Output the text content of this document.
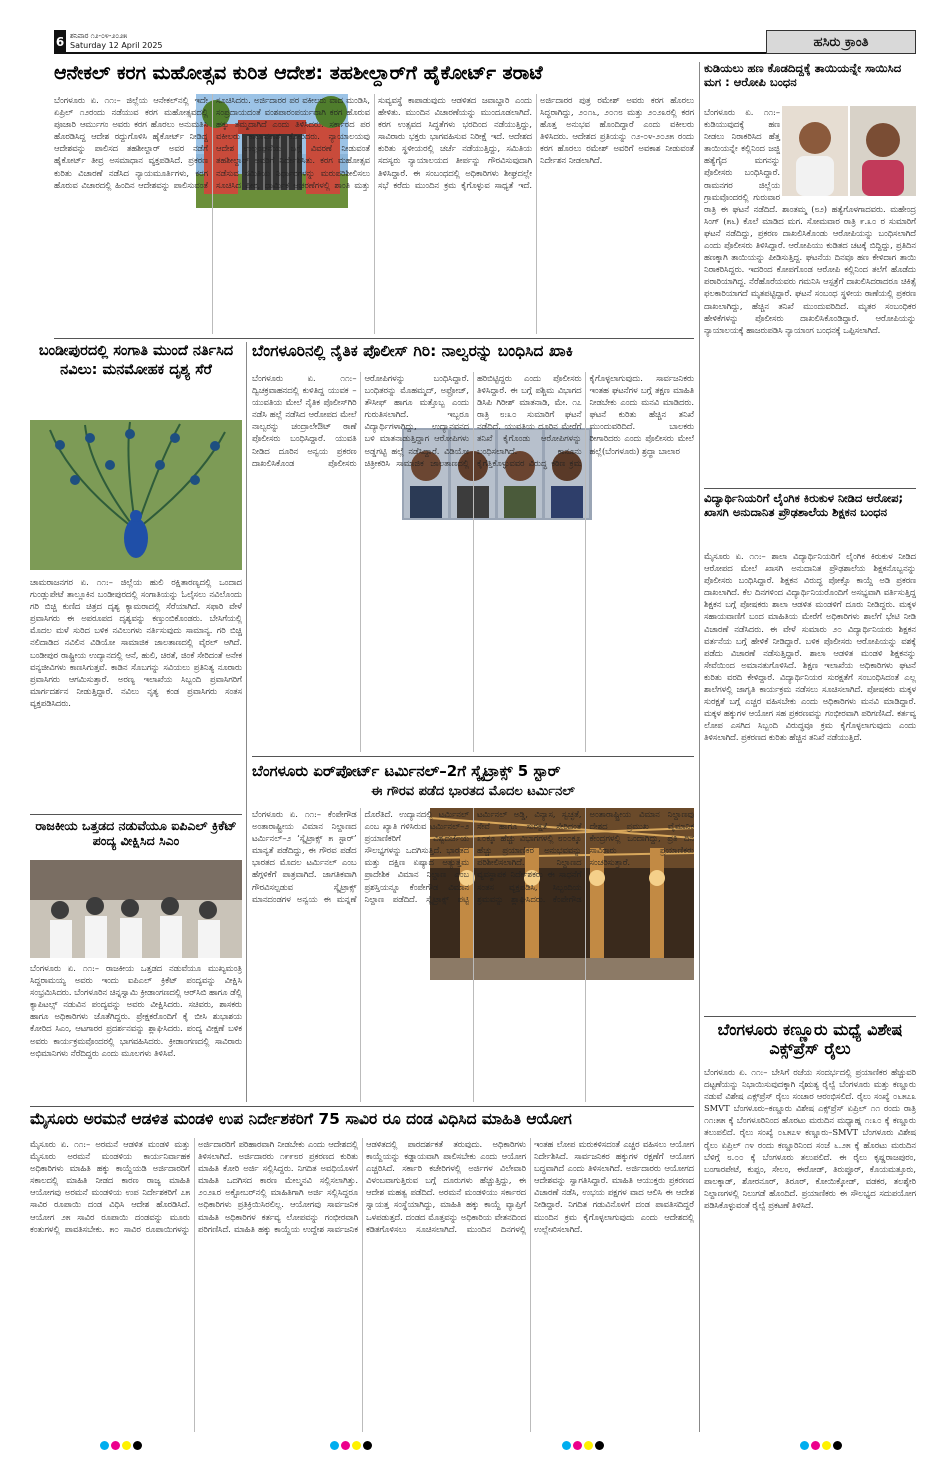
6 ಶನಿವಾರ ೧೨-೦೪-೨೦೨೫
Saturday 12 April 2025	ಹಸಿರು ಕ್ರಾಂತಿ
ಆನೇಕಲ್ ಕರಗ ಮಹೋತ್ಸವ ಕುರಿತ ಆದೇಶ: ತಹಶೀಲ್ದಾರ್‌ಗೆ ಹೈಕೋರ್ಟ್ ತರಾಟೆ
ಬೆಂಗಳೂರು ಏ. ೧೧:– ಜಿಲ್ಲೆಯ ಆನೇಕಲ್‌ನಲ್ಲಿ ಇದೇ ಏಪ್ರಿಲ್ ೧೨ರಂದು ನಡೆಯುವ ಕರಗ ಮಹೋತ್ಸವದಲ್ಲಿ ಪೂಜಾರಿ ಆರ್ಮುಗಂ ಅವರು ಕರಗ ಹೊರಲು ಅನುಮತಿಸಿ ಹೊರಡಿಸಿದ್ದ ಆದೇಶ ರದ್ದುಗೊಳಿಸಿ ಹೈಕೋರ್ಟ್ ನೀಡಿದ್ದ ಆದೇಶವನ್ನು ಪಾಲಿಸದ ತಹಶೀಲ್ದಾರ್ ಅವರ ನಡೆಗೆ ಹೈಕೋರ್ಟ್ ತೀವ್ರ ಅಸಮಾಧಾನ ವ್ಯಕ್ತಪಡಿಸಿದೆ. ಪ್ರಕರಣ ಕುರಿತು ವಿಚಾರಣೆ ನಡೆಸಿದ ನ್ಯಾಯಮೂರ್ತಿಗಳು, ಕರಗ ಹೊರುವ ವಿಚಾರದಲ್ಲಿ ಹಿಂದಿನ ಆದೇಶವನ್ನು ಪಾಲಿಸುವಂತೆ ಸೂಚಿಸಿದರು. ಅರ್ಜಿದಾರರ ಪರ ವಕೀಲರು ವಾದ ಮಂಡಿಸಿ, ಸಂಪ್ರದಾಯದಂತೆ ವಂಶಪಾರಂಪರ್ಯವಾಗಿ ಕರಗ ಹೊರುವ ಹಕ್ಕು ತಮ್ಮದಾಗಿದೆ ಎಂದು ತಿಳಿಸಿದರು. ಸರ್ಕಾರದ ಪರ ವಕೀಲರು ಕಾಲಾವಕಾಶ ಕೋರಿದರು. ನ್ಯಾಯಾಲಯವು ಆದೇಶ ಉಲ್ಲಂಘನೆಯ ಬಗ್ಗೆ ವಿವರಣೆ ನೀಡುವಂತೆ ತಹಶೀಲ್ದಾರ್ ಅವರಿಗೆ ನಿರ್ದೇಶಿಸಿತು. ಕರಗ ಮಹೋತ್ಸವ ನಡೆಸುವ ಸಮಿತಿಯ ನಿರ್ಧಾರಗಳನ್ನು ಮರುಪರಿಶೀಲಿಸಲು ಸೂಚಿಸಿದ ಪೀಠ, ಧಾರ್ಮಿಕ ಆಚರಣೆಗಳಲ್ಲಿ ಶಾಂತಿ ಮತ್ತು ಸುವ್ಯವಸ್ಥೆ ಕಾಪಾಡುವುದು ಆಡಳಿತದ ಜವಾಬ್ದಾರಿ ಎಂದು ಹೇಳಿತು. ಮುಂದಿನ ವಿಚಾರಣೆಯನ್ನು ಮುಂದೂಡಲಾಗಿದೆ. ಕರಗ ಉತ್ಸವದ ಸಿದ್ಧತೆಗಳು ಭರದಿಂದ ನಡೆಯುತ್ತಿದ್ದು, ಸಾವಿರಾರು ಭಕ್ತರು ಭಾಗವಹಿಸುವ ನಿರೀಕ್ಷೆ ಇದೆ. ಆದೇಶದ ಕುರಿತು ಸ್ಥಳೀಯರಲ್ಲಿ ಚರ್ಚೆ ನಡೆಯುತ್ತಿದ್ದು, ಸಮಿತಿಯ ಸದಸ್ಯರು ನ್ಯಾಯಾಲಯದ ತೀರ್ಪನ್ನು ಗೌರವಿಸುವುದಾಗಿ ತಿಳಿಸಿದ್ದಾರೆ. ಈ ಸಂಬಂಧದಲ್ಲಿ ಅಧಿಕಾರಿಗಳು ಶೀಘ್ರದಲ್ಲೇ ಸಭೆ ಕರೆದು ಮುಂದಿನ ಕ್ರಮ ಕೈಗೊಳ್ಳುವ ಸಾಧ್ಯತೆ ಇದೆ. ಅರ್ಜಿದಾರರ ಪುತ್ರ ರಮೇಶ್ ಅವರು ಕರಗ ಹೊರಲು ಸಿದ್ಧರಾಗಿದ್ದು, ೨೦೧೬, ೨೦೧೮ ಮತ್ತು ೨೦೨೩ರಲ್ಲಿ ಕರಗ ಹೊತ್ತ ಅನುಭವ ಹೊಂದಿದ್ದಾರೆ ಎಂದು ವಕೀಲರು ತಿಳಿಸಿದರು. ಆದೇಶದ ಪ್ರತಿಯನ್ನು ೧೨-೦೪-೨೦೨೫ ರಂದು ಕರಗ ಹೊರಲು ರಮೇಶ್ ಅವರಿಗೆ ಅವಕಾಶ ನೀಡುವಂತೆ ನಿರ್ದೇಶನ ನೀಡಲಾಗಿದೆ.
ಕುಡಿಯಲು ಹಣ ಕೊಡದಿದ್ದಕ್ಕೆ ತಾಯಿಯನ್ನೇ ಸಾಯಿಸಿದ ಮಗ : ಆರೋಪಿ ಬಂಧನ
ಬೆಂಗಳೂರು ಏ. ೧೧:– ಕುಡಿಯುವುದಕ್ಕೆ ಹಣ ನೀಡಲು ನಿರಾಕರಿಸಿದ ಹೆತ್ತ ತಾಯಿಯನ್ನೇ ಕಲ್ಲಿನಿಂದ ಜಜ್ಜಿ ಹತ್ಯೆಗೈದ ಮಗನನ್ನು ಪೊಲೀಸರು ಬಂಧಿಸಿದ್ದಾರೆ. ರಾಮನಗರ ಜಿಲ್ಲೆಯ ಗ್ರಾಮವೊಂದರಲ್ಲಿ ಗುರುವಾರ ರಾತ್ರಿ ಈ ಘಟನೆ ನಡೆದಿದೆ. ಶಾಂತಮ್ಮ (೮೨) ಹತ್ಯೆಗೊಳಗಾದವರು. ಮಹೇಂದ್ರ ಸಿಂಗ್ (೫೬) ಕೊಲೆ ಮಾಡಿದ ಮಗ. ಸೋಮವಾರ ರಾತ್ರಿ ೯.೩೦ ರ ಸುಮಾರಿಗೆ ಘಟನೆ ನಡೆದಿದ್ದು, ಪ್ರಕರಣ ದಾಖಲಿಸಿಕೊಂಡು ಆರೋಪಿಯನ್ನು ಬಂಧಿಸಲಾಗಿದೆ ಎಂದು ಪೊಲೀಸರು ತಿಳಿಸಿದ್ದಾರೆ. ಆರೋಪಿಯು ಕುಡಿತದ ಚಟಕ್ಕೆ ಬಿದ್ದಿದ್ದು, ಪ್ರತಿದಿನ ಹಣಕ್ಕಾಗಿ ತಾಯಿಯನ್ನು ಪೀಡಿಸುತ್ತಿದ್ದ. ಘಟನೆಯ ದಿನವೂ ಹಣ ಕೇಳಿದಾಗ ತಾಯಿ ನಿರಾಕರಿಸಿದ್ದರು. ಇದರಿಂದ ಕೋಪಗೊಂಡ ಆರೋಪಿ ಕಲ್ಲಿನಿಂದ ತಲೆಗೆ ಹೊಡೆದು ಪರಾರಿಯಾಗಿದ್ದ. ನೆರೆಹೊರೆಯವರು ಗಮನಿಸಿ ಆಸ್ಪತ್ರೆಗೆ ದಾಖಲಿಸಿದರಾದರೂ ಚಿಕಿತ್ಸೆ ಫಲಕಾರಿಯಾಗದೆ ಮೃತಪಟ್ಟಿದ್ದಾರೆ. ಘಟನೆ ಸಂಬಂಧ ಸ್ಥಳೀಯ ಠಾಣೆಯಲ್ಲಿ ಪ್ರಕರಣ ದಾಖಲಾಗಿದ್ದು, ಹೆಚ್ಚಿನ ತನಿಖೆ ಮುಂದುವರಿದಿದೆ. ಮೃತರ ಸಂಬಂಧಿಕರ ಹೇಳಿಕೆಗಳನ್ನು ಪೊಲೀಸರು ದಾಖಲಿಸಿಕೊಂಡಿದ್ದಾರೆ. ಆರೋಪಿಯನ್ನು ನ್ಯಾಯಾಲಯಕ್ಕೆ ಹಾಜರುಪಡಿಸಿ ನ್ಯಾಯಾಂಗ ಬಂಧನಕ್ಕೆ ಒಪ್ಪಿಸಲಾಗಿದೆ.
ವಿದ್ಯಾರ್ಥಿನಿಯರಿಗೆ ಲೈಂಗಿಕ ಕಿರುಕುಳ ನೀಡಿದ ಆರೋಪ; ಖಾಸಗಿ ಅನುದಾನಿತ ಪ್ರೌಢಶಾಲೆಯ ಶಿಕ್ಷಕನ ಬಂಧನ
ಮೈಸೂರು ಏ. ೧೧:– ಶಾಲಾ ವಿದ್ಯಾರ್ಥಿನಿಯರಿಗೆ ಲೈಂಗಿಕ ಕಿರುಕುಳ ನೀಡಿದ ಆರೋಪದ ಮೇಲೆ ಖಾಸಗಿ ಅನುದಾನಿತ ಪ್ರೌಢಶಾಲೆಯ ಶಿಕ್ಷಕನೊಬ್ಬನನ್ನು ಪೊಲೀಸರು ಬಂಧಿಸಿದ್ದಾರೆ. ಶಿಕ್ಷಕನ ವಿರುದ್ಧ ಪೋಕ್ಸೊ ಕಾಯ್ದೆ ಅಡಿ ಪ್ರಕರಣ ದಾಖಲಾಗಿದೆ. ಕೆಲ ದಿನಗಳಿಂದ ವಿದ್ಯಾರ್ಥಿನಿಯರೊಂದಿಗೆ ಅಸಭ್ಯವಾಗಿ ವರ್ತಿಸುತ್ತಿದ್ದ ಶಿಕ್ಷಕನ ಬಗ್ಗೆ ಪೋಷಕರು ಶಾಲಾ ಆಡಳಿತ ಮಂಡಳಿಗೆ ದೂರು ನೀಡಿದ್ದರು. ಮಕ್ಕಳ ಸಹಾಯವಾಣಿಗೆ ಬಂದ ಮಾಹಿತಿಯ ಮೇರೆಗೆ ಅಧಿಕಾರಿಗಳು ಶಾಲೆಗೆ ಭೇಟಿ ನೀಡಿ ವಿಚಾರಣೆ ನಡೆಸಿದರು. ಈ ವೇಳೆ ಸುಮಾರು ೨೦ ವಿದ್ಯಾರ್ಥಿನಿಯರು ಶಿಕ್ಷಕನ ವರ್ತನೆಯ ಬಗ್ಗೆ ಹೇಳಿಕೆ ನೀಡಿದ್ದಾರೆ. ಬಳಿಕ ಪೊಲೀಸರು ಆರೋಪಿಯನ್ನು ವಶಕ್ಕೆ ಪಡೆದು ವಿಚಾರಣೆ ನಡೆಸುತ್ತಿದ್ದಾರೆ. ಶಾಲಾ ಆಡಳಿತ ಮಂಡಳಿ ಶಿಕ್ಷಕನನ್ನು ಸೇವೆಯಿಂದ ಅಮಾನತುಗೊಳಿಸಿದೆ. ಶಿಕ್ಷಣ ಇಲಾಖೆಯ ಅಧಿಕಾರಿಗಳು ಘಟನೆ ಕುರಿತು ವರದಿ ಕೇಳಿದ್ದಾರೆ. ವಿದ್ಯಾರ್ಥಿನಿಯರ ಸುರಕ್ಷತೆಗೆ ಸಂಬಂಧಿಸಿದಂತೆ ಎಲ್ಲ ಶಾಲೆಗಳಲ್ಲಿ ಜಾಗೃತಿ ಕಾರ್ಯಕ್ರಮ ನಡೆಸಲು ಸೂಚಿಸಲಾಗಿದೆ. ಪೋಷಕರು ಮಕ್ಕಳ ಸುರಕ್ಷತೆ ಬಗ್ಗೆ ಎಚ್ಚರ ವಹಿಸಬೇಕು ಎಂದು ಅಧಿಕಾರಿಗಳು ಮನವಿ ಮಾಡಿದ್ದಾರೆ. ಮಕ್ಕಳ ಹಕ್ಕುಗಳ ಆಯೋಗ ಸಹ ಪ್ರಕರಣವನ್ನು ಗಂಭೀರವಾಗಿ ಪರಿಗಣಿಸಿದೆ. ಕರ್ತವ್ಯ ಲೋಪ ಎಸಗಿದ ಸಿಬ್ಬಂದಿ ವಿರುದ್ಧವೂ ಕ್ರಮ ಕೈಗೊಳ್ಳಲಾಗುವುದು ಎಂದು ತಿಳಿಸಲಾಗಿದೆ. ಪ್ರಕರಣದ ಕುರಿತು ಹೆಚ್ಚಿನ ತನಿಖೆ ನಡೆಯುತ್ತಿದೆ.
ಬೆಂಗಳೂರು ಕಣ್ಣೂರು ಮಧ್ಯೆ ವಿಶೇಷ ಎಕ್ಸ್‌ಪ್ರೆಸ್ ರೈಲು
ಬೆಂಗಳೂರು ಏ. ೧೧:– ಬೇಸಿಗೆ ರಜೆಯ ಸಂದರ್ಭದಲ್ಲಿ ಪ್ರಯಾಣಿಕರ ಹೆಚ್ಚುವರಿ ದಟ್ಟಣೆಯನ್ನು ನಿಭಾಯಿಸುವುದಕ್ಕಾಗಿ ನೈಋತ್ಯ ರೈಲ್ವೆ ಬೆಂಗಳೂರು ಮತ್ತು ಕಣ್ಣೂರು ನಡುವೆ ವಿಶೇಷ ಎಕ್ಸ್‌ಪ್ರೆಸ್ ರೈಲು ಸಂಚಾರ ಆರಂಭಿಸಲಿದೆ. ರೈಲು ಸಂಖ್ಯೆ ೦೬೫೭೩ SMVT ಬೆಂಗಳೂರು–ಕಣ್ಣೂರು ವಿಶೇಷ ಎಕ್ಸ್‌ಪ್ರೆಸ್ ಏಪ್ರಿಲ್ ೧೧ ರಂದು ರಾತ್ರಿ ೧೧:೫೫ ಕ್ಕೆ ಬೆಂಗಳೂರಿನಿಂದ ಹೊರಟು ಮರುದಿನ ಮಧ್ಯಾಹ್ನ ೧:೩೦ ಕ್ಕೆ ಕಣ್ಣೂರು ತಲುಪಲಿದೆ. ರೈಲು ಸಂಖ್ಯೆ ೦೬೫೭೪ ಕಣ್ಣೂರು–SMVT ಬೆಂಗಳೂರು ವಿಶೇಷ ರೈಲು ಏಪ್ರಿಲ್ ೧೪ ರಂದು ಕಣ್ಣೂರಿನಿಂದ ಸಂಜೆ ೬.೨೫ ಕ್ಕೆ ಹೊರಟು ಮರುದಿನ ಬೆಳಿಗ್ಗೆ ೮.೦೦ ಕ್ಕೆ ಬೆಂಗಳೂರು ತಲುಪಲಿದೆ. ಈ ರೈಲು ಕೃಷ್ಣರಾಜಪುರಂ, ಬಂಗಾರಪೇಟೆ, ಕುಪ್ಪಂ, ಸೇಲಂ, ಈರೋಡ್, ತಿರುಪ್ಪೂರ್, ಕೊಯಮತ್ತೂರು, ಪಾಲಕ್ಕಾಡ್, ಶೋರನೂರ್, ತಿರೂರ್, ಕೋಯಿಕ್ಕೋಡ್, ವಡಕರ, ತಲಶ್ಶೇರಿ ನಿಲ್ದಾಣಗಳಲ್ಲಿ ನಿಲುಗಡೆ ಹೊಂದಿದೆ. ಪ್ರಯಾಣಿಕರು ಈ ಸೌಲಭ್ಯದ ಸದುಪಯೋಗ ಪಡಿಸಿಕೊಳ್ಳುವಂತೆ ರೈಲ್ವೆ ಪ್ರಕಟಣೆ ತಿಳಿಸಿದೆ.
ಬಂಡೀಪುರದಲ್ಲಿ ಸಂಗಾತಿ ಮುಂದೆ ನರ್ತಿಸಿದ ನವಿಲು: ಮನಮೋಹಕ ದೃಶ್ಯ ಸೆರೆ
ಚಾಮರಾಜನಗರ ಏ. ೧೧:– ಜಿಲ್ಲೆಯ ಹುಲಿ ರಕ್ಷಿತಾರಣ್ಯದಲ್ಲಿ ಒಂದಾದ ಗುಂಡ್ಲುಪೇಟೆ ತಾಲ್ಲೂಕಿನ ಬಂಡೀಪುರದಲ್ಲಿ ಸಂಗಾತಿಯನ್ನು ಓಲೈಸಲು ನವಿಲೊಂದು ಗರಿ ಬಿಚ್ಚಿ ಕುಣಿದ ಚಿತ್ರದ ದೃಶ್ಯ ಕ್ಯಾಮರಾದಲ್ಲಿ ಸೆರೆಯಾಗಿದೆ. ಸಫಾರಿ ವೇಳೆ ಪ್ರವಾಸಿಗರು ಈ ಅಪರೂಪದ ದೃಶ್ಯವನ್ನು ಕಣ್ತುಂಬಿಕೊಂಡರು. ಬೇಸಿಗೆಯಲ್ಲಿ ಮೊದಲ ಮಳೆ ಸುರಿದ ಬಳಿಕ ನವಿಲುಗಳು ನರ್ತಿಸುವುದು ಸಾಮಾನ್ಯ. ಗರಿ ಬಿಚ್ಚಿ ನಲಿದಾಡಿದ ನವಿಲಿನ ವಿಡಿಯೋ ಸಾಮಾಜಿಕ ಜಾಲತಾಣದಲ್ಲಿ ವೈರಲ್ ಆಗಿದೆ. ಬಂಡೀಪುರ ರಾಷ್ಟ್ರೀಯ ಉದ್ಯಾನದಲ್ಲಿ ಆನೆ, ಹುಲಿ, ಚಿರತೆ, ಜಿಂಕೆ ಸೇರಿದಂತೆ ಅನೇಕ ವನ್ಯಜೀವಿಗಳು ಕಾಣಸಿಗುತ್ತವೆ. ಕಾಡಿನ ಸೊಬಗನ್ನು ಸವಿಯಲು ಪ್ರತಿನಿತ್ಯ ನೂರಾರು ಪ್ರವಾಸಿಗರು ಆಗಮಿಸುತ್ತಾರೆ. ಅರಣ್ಯ ಇಲಾಖೆಯ ಸಿಬ್ಬಂದಿ ಪ್ರವಾಸಿಗರಿಗೆ ಮಾರ್ಗದರ್ಶನ ನೀಡುತ್ತಿದ್ದಾರೆ. ನವಿಲು ನೃತ್ಯ ಕಂಡ ಪ್ರವಾಸಿಗರು ಸಂತಸ ವ್ಯಕ್ತಪಡಿಸಿದರು.
ರಾಜಕೀಯ ಒತ್ತಡದ ನಡುವೆಯೂ ಐಪಿಎಲ್ ಕ್ರಿಕೆಟ್ ಪಂದ್ಯ ವೀಕ್ಷಿಸಿದ ಸಿಎಂ
ಬೆಂಗಳೂರು ಏ. ೧೧:– ರಾಜಕೀಯ ಒತ್ತಡದ ನಡುವೆಯೂ ಮುಖ್ಯಮಂತ್ರಿ ಸಿದ್ದರಾಮಯ್ಯ ಅವರು ಇಂದು ಐಪಿಎಲ್ ಕ್ರಿಕೆಟ್ ಪಂದ್ಯವನ್ನು ವೀಕ್ಷಿಸಿ ಸಂಭ್ರಮಿಸಿದರು. ಬೆಂಗಳೂರಿನ ಚಿನ್ನಸ್ವಾಮಿ ಕ್ರೀಡಾಂಗಣದಲ್ಲಿ ಆರ್‌ಸಿಬಿ ಹಾಗೂ ಡೆಲ್ಲಿ ಕ್ಯಾಪಿಟಲ್ಸ್ ನಡುವಿನ ಪಂದ್ಯವನ್ನು ಅವರು ವೀಕ್ಷಿಸಿದರು. ಸಚಿವರು, ಶಾಸಕರು ಹಾಗೂ ಅಧಿಕಾರಿಗಳು ಜೊತೆಗಿದ್ದರು. ಪ್ರೇಕ್ಷಕರೊಂದಿಗೆ ಕೈ ಬೀಸಿ ಶುಭಾಶಯ ಕೋರಿದ ಸಿಎಂ, ಆಟಗಾರರ ಪ್ರದರ್ಶನವನ್ನು ಶ್ಲಾಘಿಸಿದರು. ಪಂದ್ಯ ವೀಕ್ಷಣೆ ಬಳಿಕ ಅವರು ಕಾರ್ಯಕ್ರಮವೊಂದರಲ್ಲಿ ಭಾಗವಹಿಸಿದರು. ಕ್ರೀಡಾಂಗಣದಲ್ಲಿ ಸಾವಿರಾರು ಅಭಿಮಾನಿಗಳು ನೆರೆದಿದ್ದರು ಎಂದು ಮೂಲಗಳು ತಿಳಿಸಿವೆ.
ಬೆಂಗಳೂರಿನಲ್ಲಿ ನೈತಿಕ ಪೊಲೀಸ್ ಗಿರಿ: ನಾಲ್ವರನ್ನು ಬಂಧಿಸಿದ ಖಾಕಿ
ಬೆಂಗಳೂರು ಏ. ೧೧:– ದ್ವಿಚಕ್ರವಾಹನದಲ್ಲಿ ಕುಳಿತಿದ್ದ ಯುವಕ – ಯುವತಿಯ ಮೇಲೆ ನೈತಿಕ ಪೊಲೀಸ್‌ಗಿರಿ ನಡೆಸಿ ಹಲ್ಲೆ ನಡೆಸಿದ ಆರೋಪದ ಮೇಲೆ ನಾಲ್ವರನ್ನು ಚಂದ್ರಾಲೇಔಟ್ ಠಾಣೆ ಪೊಲೀಸರು ಬಂಧಿಸಿದ್ದಾರೆ. ಯುವತಿ ನೀಡಿದ ದೂರಿನ ಅನ್ವಯ ಪ್ರಕರಣ ದಾಖಲಿಸಿಕೊಂಡ ಪೊಲೀಸರು ಆರೋಪಿಗಳನ್ನು ಬಂಧಿಸಿದ್ದಾರೆ. ಬಂಧಿತರನ್ನು ಮೊಹಮ್ಮದ್, ಅಫ್ರೋಜ್, ತೌಸೀಫ್ ಹಾಗೂ ಮತ್ತೊಬ್ಬ ಎಂದು ಗುರುತಿಸಲಾಗಿದೆ. ಇಬ್ಬರೂ ವಿದ್ಯಾರ್ಥಿಗಳಾಗಿದ್ದು, ಉದ್ಯಾನವನದ ಬಳಿ ಮಾತನಾಡುತ್ತಿದ್ದಾಗ ಆರೋಪಿಗಳು ಅಡ್ಡಗಟ್ಟಿ ಹಲ್ಲೆ ನಡೆಸಿದ್ದಾರೆ. ವಿಡಿಯೋ ಚಿತ್ರೀಕರಿಸಿ ಸಾಮಾಜಿಕ ಜಾಲತಾಣದಲ್ಲಿ ಹರಿಬಿಟ್ಟಿದ್ದರು ಎಂದು ಪೊಲೀಸರು ತಿಳಿಸಿದ್ದಾರೆ. ಈ ಬಗ್ಗೆ ಪಶ್ಚಿಮ ವಿಭಾಗದ ಡಿಸಿಪಿ ಗಿರೀಶ್ ಮಾತನಾಡಿ, ಮೇ. ೧೭ ರಾತ್ರಿ ೮:೩೦ ಸುಮಾರಿಗೆ ಘಟನೆ ನಡೆದಿದೆ. ಯುವತಿಯ ದೂರಿನ ಮೇರೆಗೆ ತನಿಖೆ ಕೈಗೊಂಡು ಆರೋಪಿಗಳನ್ನು ಬಂಧಿಸಲಾಗಿದೆ. ಕಾನೂನು ಕೈಗೆತ್ತಿಕೊಳ್ಳುವವರ ವಿರುದ್ಧ ಕಠಿಣ ಕ್ರಮ ಕೈಗೊಳ್ಳಲಾಗುವುದು. ಸಾರ್ವಜನಿಕರು ಇಂತಹ ಘಟನೆಗಳ ಬಗ್ಗೆ ತಕ್ಷಣ ಮಾಹಿತಿ ನೀಡಬೇಕು ಎಂದು ಮನವಿ ಮಾಡಿದರು. ಘಟನೆ ಕುರಿತು ಹೆಚ್ಚಿನ ತನಿಖೆ ಮುಂದುವರಿದಿದೆ. ಬಾಲಕರು ರೀಗಾರಿದರು ಎಂದು ಪೊಲೀಸರು ಮೇಲೆ ಹಲ್ಲೆ(ಬೆಂಗಳೂರು) ಶ್ರದ್ಧಾ ಬಾಲಾರ
ಬೆಂಗಳೂರು ಏರ್‌ಪೋರ್ಟ್ ಟರ್ಮಿನಲ್–2ಗೆ ಸ್ಕೈಟ್ರಾಕ್ಸ್ 5 ಸ್ಟಾರ್
ಈ ಗೌರವ ಪಡೆದ ಭಾರತದ ಮೊದಲ ಟರ್ಮಿನಲ್
ಬೆಂಗಳೂರು ಏ. ೧೧:– ಕೆಂಪೇಗೌಡ ಅಂತಾರಾಷ್ಟ್ರೀಯ ವಿಮಾನ ನಿಲ್ದಾಣದ ಟರ್ಮಿನಲ್–೨ ‘ಸ್ಕೈಟ್ರಾಕ್ಸ್ ೫ ಸ್ಟಾರ್’ ಮಾನ್ಯತೆ ಪಡೆದಿದ್ದು, ಈ ಗೌರವ ಪಡೆದ ಭಾರತದ ಮೊದಲ ಟರ್ಮಿನಲ್ ಎಂಬ ಹೆಗ್ಗಳಿಕೆಗೆ ಪಾತ್ರವಾಗಿದೆ. ಜಾಗತಿಕವಾಗಿ ಗೌರವಿಸಲ್ಪಡುವ ಸ್ಕೈಟ್ರಾಕ್ಸ್ ಮಾನದಂಡಗಳ ಅನ್ವಯ ಈ ಮನ್ನಣೆ ದೊರೆತಿದೆ. ಉದ್ಯಾನದಲ್ಲಿ ಟರ್ಮಿನಲ್ ಎಂಬ ಖ್ಯಾತಿ ಗಳಿಸಿರುವ ಟರ್ಮಿನಲ್–೨ ಪ್ರಯಾಣಿಕರಿಗೆ ವಿಶ್ವದರ್ಜೆಯ ಸೌಲಭ್ಯಗಳನ್ನು ಒದಗಿಸುತ್ತಿದೆ. ಭಾರತದ ಮತ್ತು ದಕ್ಷಿಣ ಏಷ್ಯಾದ ಅತ್ಯುತ್ತಮ ಪ್ರಾದೇಶಿಕ ವಿಮಾನ ನಿಲ್ದಾಣ ಎಂಬ ಪ್ರಶಸ್ತಿಯನ್ನೂ ಕೆಂಪೇಗೌಡ ವಿಮಾನ ನಿಲ್ದಾಣ ಪಡೆದಿದೆ. ಸ್ಕೈಟ್ರಾಕ್ಸ್ ಪಟ್ಟಿ ಟರ್ಮಿನಲ್ ಅಡ್ಡಿ, ವಿನ್ಯಾಸ, ಸ್ವಚ್ಛತೆ, ಸೇವೆ ಹಾಗೂ ಸುರಕ್ಷತೆ ಸೇರಿದಂತೆ ೩೦ಕ್ಕೂ ಹೆಚ್ಚು ವಿಭಾಗಗಳಲ್ಲಿ ೮೦೦ಕ್ಕೂ ಹೆಚ್ಚು ಪ್ರಯಾಣಿಕರ ಅನುಭವವನ್ನು ಪರಿಶೀಲಿಸಲಾಗಿದೆ. ನಿಲ್ದಾಣದ ವ್ಯವಸ್ಥಾಪಕ ನಿರ್ದೇಶಕರು ಈ ಸಾಧನೆಗೆ ಸಂತಸ ವ್ಯಕ್ತಪಡಿಸಿ, ಸಿಬ್ಬಂದಿಯ ಶ್ರಮವನ್ನು ಶ್ಲಾಘಿಸಿದರು. ಕೆಂಪೇಗೌಡ ಅಂತಾರಾಷ್ಟ್ರೀಯ ವಿಮಾನ ನಿಲ್ದಾಣವು ದೇಶದ ಪ್ರಮುಖ ವೈಮಾನಿಕ ಕೇಂದ್ರಗಳಲ್ಲಿ ಒಂದಾಗಿದ್ದು, ಪ್ರತಿ ದಿನ ಸಾವಿರಾರು ಪ್ರಯಾಣಿಕರು ಸಂಚರಿಸುತ್ತಾರೆ.
ಮೈಸೂರು ಅರಮನೆ ಆಡಳಿತ ಮಂಡಳಿ ಉಪ ನಿರ್ದೇಶಕರಿಗೆ 75 ಸಾವಿರ ರೂ ದಂಡ ವಿಧಿಸಿದ ಮಾಹಿತಿ ಆಯೋಗ
ಮೈಸೂರು ಏ. ೧೧:– ಅರಮನೆ ಆಡಳಿತ ಮಂಡಳಿ ಮತ್ತು ಮೈಸೂರು ಅರಮನೆ ಮಂಡಳಿಯ ಕಾರ್ಯನಿರ್ವಾಹಕ ಅಧಿಕಾರಿಗಳು ಮಾಹಿತಿ ಹಕ್ಕು ಕಾಯ್ದೆಯಡಿ ಅರ್ಜಿದಾರರಿಗೆ ಸಕಾಲದಲ್ಲಿ ಮಾಹಿತಿ ನೀಡದ ಕಾರಣ ರಾಜ್ಯ ಮಾಹಿತಿ ಆಯೋಗವು ಅರಮನೆ ಮಂಡಳಿಯ ಉಪ ನಿರ್ದೇಶಕರಿಗೆ ೭೫ ಸಾವಿರ ರೂಪಾಯಿ ದಂಡ ವಿಧಿಸಿ ಆದೇಶ ಹೊರಡಿಸಿದೆ. ಆಯೋಗ ೨೫ ಸಾವಿರ ರೂಪಾಯಿ ದಂಡವನ್ನು ಮೂರು ಕಂತುಗಳಲ್ಲಿ ಪಾವತಿಸಬೇಕು. ೫೦ ಸಾವಿರ ರೂಪಾಯಿಗಳನ್ನು ಅರ್ಜಿದಾರರಿಗೆ ಪರಿಹಾರವಾಗಿ ನೀಡಬೇಕು ಎಂದು ಆದೇಶದಲ್ಲಿ ತಿಳಿಸಲಾಗಿದೆ. ಅರ್ಜಿದಾರರು ೧೯೯೮ರ ಪ್ರಕರಣದ ಕುರಿತು ಮಾಹಿತಿ ಕೋರಿ ಅರ್ಜಿ ಸಲ್ಲಿಸಿದ್ದರು. ನಿಗದಿತ ಅವಧಿಯೊಳಗೆ ಮಾಹಿತಿ ಒದಗಿಸದ ಕಾರಣ ಮೇಲ್ಮನವಿ ಸಲ್ಲಿಸಲಾಗಿತ್ತು. ೨೦೨೩ರ ಅಕ್ಟೋಬರ್‌ನಲ್ಲಿ ಮಾಹಿತಿಗಾಗಿ ಅರ್ಜಿ ಸಲ್ಲಿಸಿದ್ದರೂ ಅಧಿಕಾರಿಗಳು ಪ್ರತಿಕ್ರಿಯಿಸಿರಲಿಲ್ಲ. ಆಯೋಗವು ಸಾರ್ವಜನಿಕ ಮಾಹಿತಿ ಅಧಿಕಾರಿಗಳ ಕರ್ತವ್ಯ ಲೋಪವನ್ನು ಗಂಭೀರವಾಗಿ ಪರಿಗಣಿಸಿದೆ. ಮಾಹಿತಿ ಹಕ್ಕು ಕಾಯ್ದೆಯ ಉದ್ದೇಶ ಸಾರ್ವಜನಿಕ ಆಡಳಿತದಲ್ಲಿ ಪಾರದರ್ಶಕತೆ ತರುವುದು. ಅಧಿಕಾರಿಗಳು ಕಾಯ್ದೆಯನ್ನು ಕಡ್ಡಾಯವಾಗಿ ಪಾಲಿಸಬೇಕು ಎಂದು ಆಯೋಗ ಎಚ್ಚರಿಸಿದೆ. ಸರ್ಕಾರಿ ಕಚೇರಿಗಳಲ್ಲಿ ಅರ್ಜಿಗಳ ವಿಲೇವಾರಿ ವಿಳಂಬವಾಗುತ್ತಿರುವ ಬಗ್ಗೆ ದೂರುಗಳು ಹೆಚ್ಚುತ್ತಿದ್ದು, ಈ ಆದೇಶ ಮಹತ್ವ ಪಡೆದಿದೆ. ಅರಮನೆ ಮಂಡಳಿಯು ಸರ್ಕಾರದ ಸ್ವಾಯತ್ತ ಸಂಸ್ಥೆಯಾಗಿದ್ದು, ಮಾಹಿತಿ ಹಕ್ಕು ಕಾಯ್ದೆ ವ್ಯಾಪ್ತಿಗೆ ಒಳಪಡುತ್ತದೆ. ದಂಡದ ಮೊತ್ತವನ್ನು ಅಧಿಕಾರಿಯ ವೇತನದಿಂದ ಕಡಿತಗೊಳಿಸಲು ಸೂಚಿಸಲಾಗಿದೆ. ಮುಂದಿನ ದಿನಗಳಲ್ಲಿ ಇಂತಹ ಲೋಪ ಮರುಕಳಿಸದಂತೆ ಎಚ್ಚರ ವಹಿಸಲು ಆಯೋಗ ನಿರ್ದೇಶಿಸಿದೆ. ಸಾರ್ವಜನಿಕರ ಹಕ್ಕುಗಳ ರಕ್ಷಣೆಗೆ ಆಯೋಗ ಬದ್ಧವಾಗಿದೆ ಎಂದು ತಿಳಿಸಲಾಗಿದೆ. ಅರ್ಜಿದಾರರು ಆಯೋಗದ ಆದೇಶವನ್ನು ಸ್ವಾಗತಿಸಿದ್ದಾರೆ. ಮಾಹಿತಿ ಆಯುಕ್ತರು ಪ್ರಕರಣದ ವಿಚಾರಣೆ ನಡೆಸಿ, ಉಭಯ ಪಕ್ಷಗಳ ವಾದ ಆಲಿಸಿ ಈ ಆದೇಶ ನೀಡಿದ್ದಾರೆ. ನಿಗದಿತ ಗಡುವಿನೊಳಗೆ ದಂಡ ಪಾವತಿಸದಿದ್ದರೆ ಮುಂದಿನ ಕ್ರಮ ಕೈಗೊಳ್ಳಲಾಗುವುದು ಎಂದು ಆದೇಶದಲ್ಲಿ ಉಲ್ಲೇಖಿಸಲಾಗಿದೆ.
